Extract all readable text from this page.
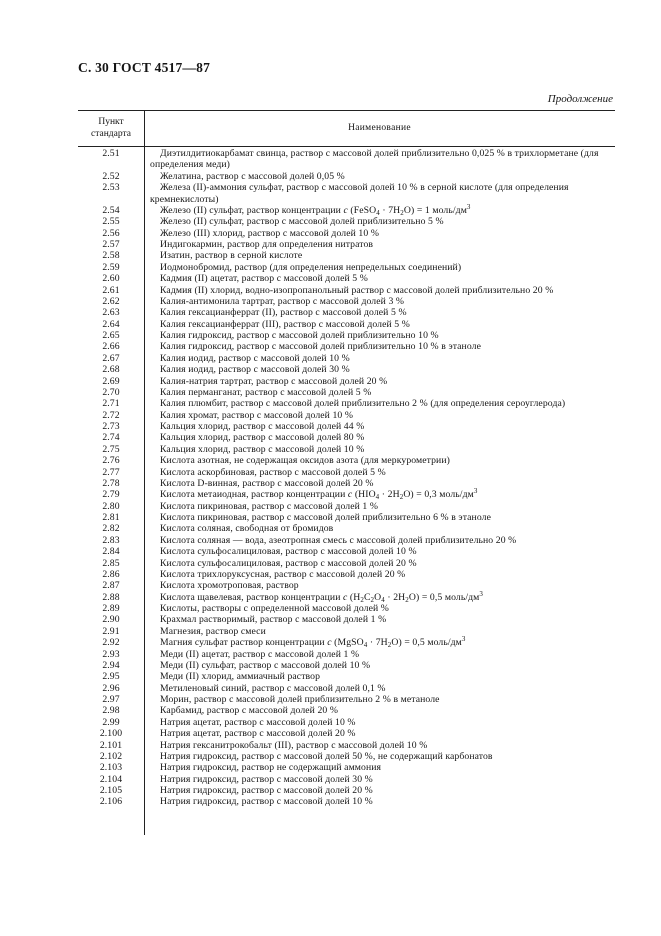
С. 30 ГОСТ 4517—87
Продолжение
Пункт стандарта
Наименование
2.51	Диэтилдитиокарбамат свинца, раствор с массовой долей приблизительно 0,025 % в трихлорметане (для определения меди)
2.52	Желатина, раствор с массовой долей 0,05 %
2.53	Железа (II)-аммония сульфат, раствор с массовой долей 10 % в серной кислоте (для определения кремнекислоты)
2.54	Железо (II) сульфат, раствор концентрации c (FeSO$_4$ · $7H_2O) = 1$ моль/$дм^3$
2.55	Железо (II) сульфат, раствор с массовой долей приблизительно 5 %
2.56	Железо (III) хлорид, раствор с массовой долей 10 %
2.57	Индигокармин, раствор для определения нитратов
2.58	Изатин, раствор в серной кислоте
2.59	Иодмонобромид, раствор (для определения непредельных соединений)
2.60	Кадмия (II) ацетат, раствор с массовой долей 5 %
2.61	Кадмия (II) хлорид, водно-изопропанольный раствор с массовой долей приблизительно 20 %
2.62	Калия-антимонила тартрат, раствор с массовой долей 3 %
2.63	Калия гексацианферрат (II), раствор с массовой долей 5 %
2.64	Калия гексацианферрат (III), раствор с массовой долей 5 %
2.65	Калия гидроксид, раствор с массовой долей приблизительно 10 %
2.66	Калия гидроксид, раствор с массовой долей приблизительно 10 % в этаноле
2.67	Калия иодид, раствор с массовой долей 10 %
2.68	Калия иодид, раствор с массовой долей 30 %
2.69	Калия-натрия тартрат, раствор с массовой долей 20 %
2.70	Калия перманганат, раствор с массовой долей 5 %
2.71	Калия плюмбит, раствор с массовой долей приблизительно 2 % (для определения сероуглерода)
2.72	Калия хромат, раствор с массовой долей 10 %
2.73	Кальция хлорид, раствор с массовой долей 44 %
2.74	Кальция хлорид, раствор с массовой долей 80 %
2.75	Кальция хлорид, раствор с массовой долей 10 %
2.76	Кислота азотная, не содержащая оксидов азота (для меркурометрии)
2.77	Кислота аскорбиновая, раствор с массовой долей 5 %
2.78	Кислота D-винная, раствор с массовой долей 20 %
2.79	Кислота метаиодная, раствор концентрации c $(HIO_4 \cdot 2H_2O) = 0,3$ моль/$дм^3$
2.80	Кислота пикриновая, раствор с массовой долей 1 %
2.81	Кислота пикриновая, раствор с массовой долей приблизительно 6 % в этаноле
2.82	Кислота соляная, свободная от бромидов
2.83	Кислота соляная — вода, азеотропная смесь с массовой долей приблизительно 20 %
2.84	Кислота сульфосалициловая, раствор с массовой долей 10 %
2.85	Кислота сульфосалициловая, раствор с массовой долей 20 %
2.86	Кислота трихлоруксусная, раствор с массовой долей 20 %
2.87	Кислота хромотроповая, раствор
2.88	Кислота щавелевая, раствор концентрации c $(H_2C_2O_4 \cdot 2H_2O) = 0,5$ моль/$дм^3$
2.89	Кислоты, растворы с определенной массовой долей %
2.90	Крахмал растворимый, раствор с массовой долей 1 %
2.91	Магнезия, раствор смеси
2.92	Магния сульфат раствор концентрации c (MgSO$_4$ · $7H_2O) = 0,5$ моль/$дм^3$
2.93	Меди (II) ацетат, раствор с массовой долей 1 %
2.94	Меди (II) сульфат, раствор с массовой долей 10 %
2.95	Меди (II) хлорид, аммиачный раствор
2.96	Метиленовый синий, раствор с массовой долей 0,1 %
2.97	Морин, раствор с массовой долей приблизительно 2 % в метаноле
2.98	Карбамид, раствор с массовой долей 20 %
2.99	Натрия ацетат, раствор с массовой долей 10 %
2.100	Натрия ацетат, раствор с массовой долей 20 %
2.101	Натрия гексанитрокобальт (III), раствор с массовой долей 10 %
2.102	Натрия гидроксид, раствор с массовой долей 50 %, не содержащий карбонатов
2.103	Натрия гидроксид, раствор не содержащий аммония
2.104	Натрия гидроксид, раствор с массовой долей 30 %
2.105	Натрия гидроксид, раствор с массовой долей 20 %
2.106	Натрия гидроксид, раствор с массовой долей 10 %
